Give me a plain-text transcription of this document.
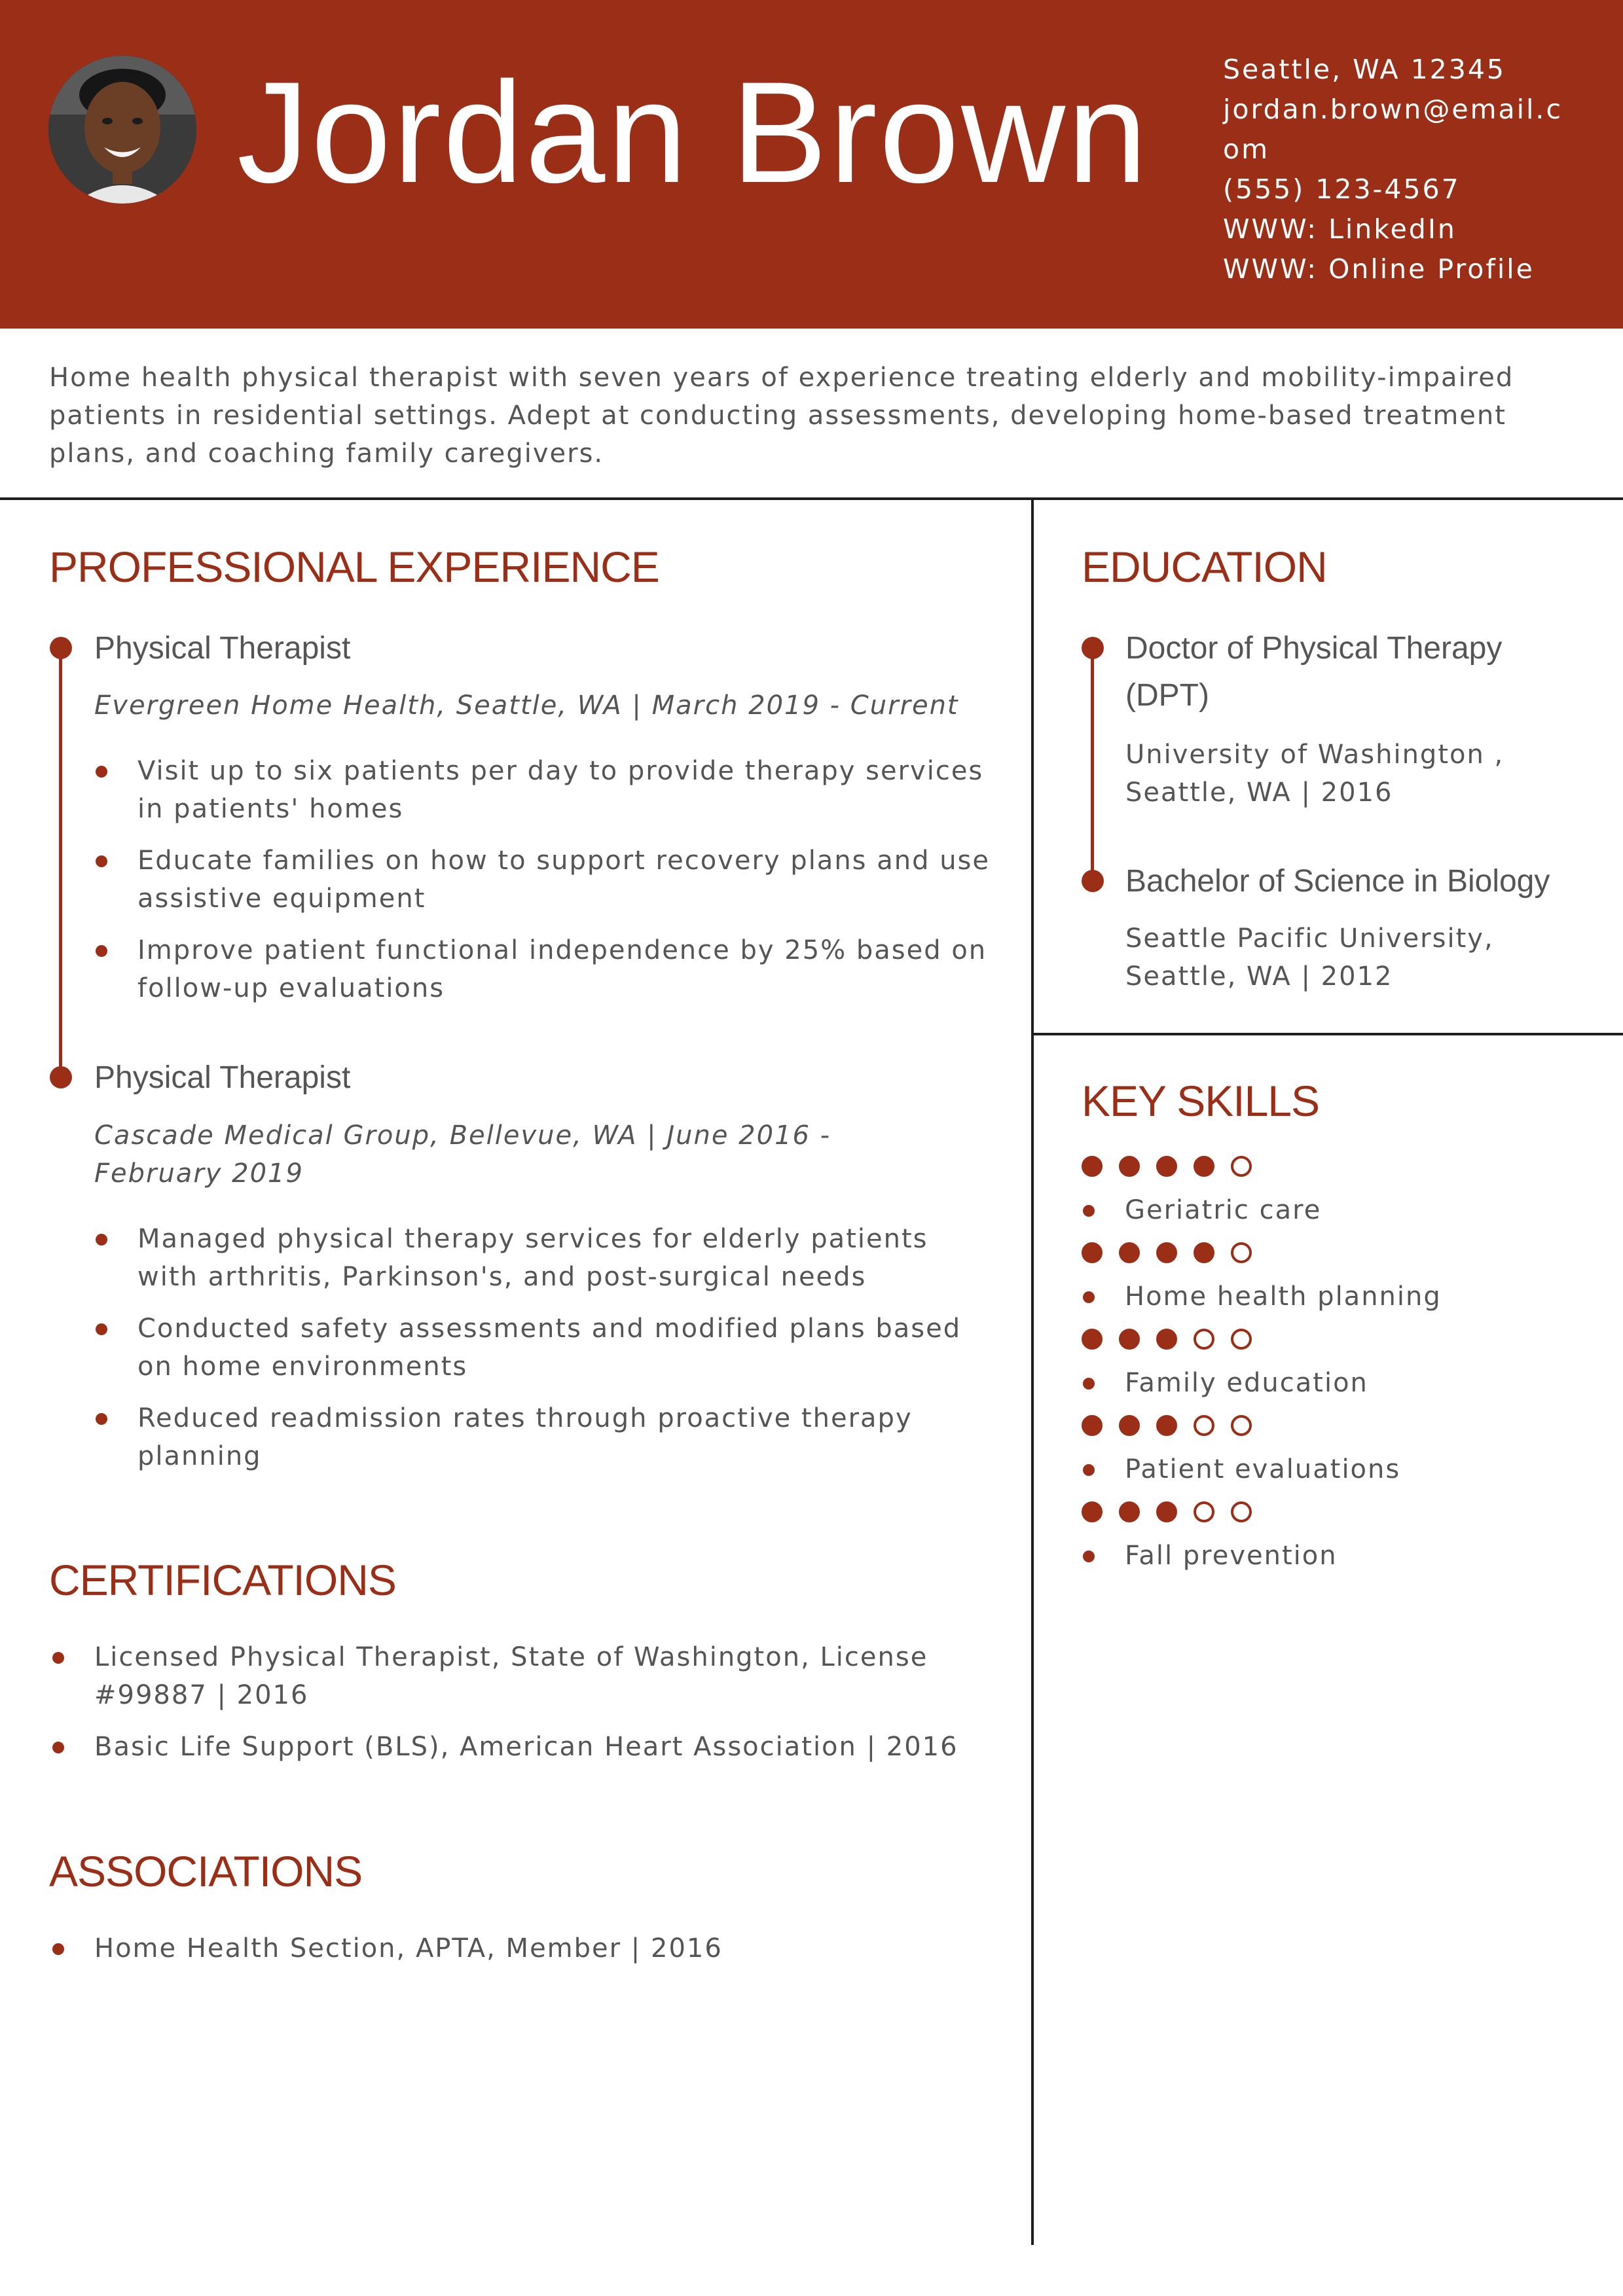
Jordan Brown	Seattle, WA 12345
jordan.brown@email.com
(555) 123-4567
WWW: LinkedIn
WWW: Online Profile
Home health physical therapist with seven years of experience treating elderly and mobility-impaired patients in residential settings. Adept at conducting assessments, developing home-based treatment plans, and coaching family caregivers.
PROFESSIONAL EXPERIENCE
Physical Therapist
Evergreen Home Health, Seattle, WA | March 2019 - Current
Visit up to six patients per day to provide therapy services in patients' homes
Educate families on how to support recovery plans and use assistive equipment
Improve patient functional independence by 25% based on follow-up evaluations
Physical Therapist
Cascade Medical Group, Bellevue, WA | June 2016 - February 2019
Managed physical therapy services for elderly patients with arthritis, Parkinson's, and post-surgical needs
Conducted safety assessments and modified plans based on home environments
Reduced readmission rates through proactive therapy planning
CERTIFICATIONS
Licensed Physical Therapist, State of Washington, License #99887 | 2016
Basic Life Support (BLS), American Heart Association | 2016
ASSOCIATIONS
Home Health Section, APTA, Member | 2016
EDUCATION
Doctor of Physical Therapy (DPT)
University of Washington ,
Seattle, WA | 2016
Bachelor of Science in Biology
Seattle Pacific University,
Seattle, WA | 2012
KEY SKILLS
Geriatric care
Home health planning
Family education
Patient evaluations
Fall prevention
